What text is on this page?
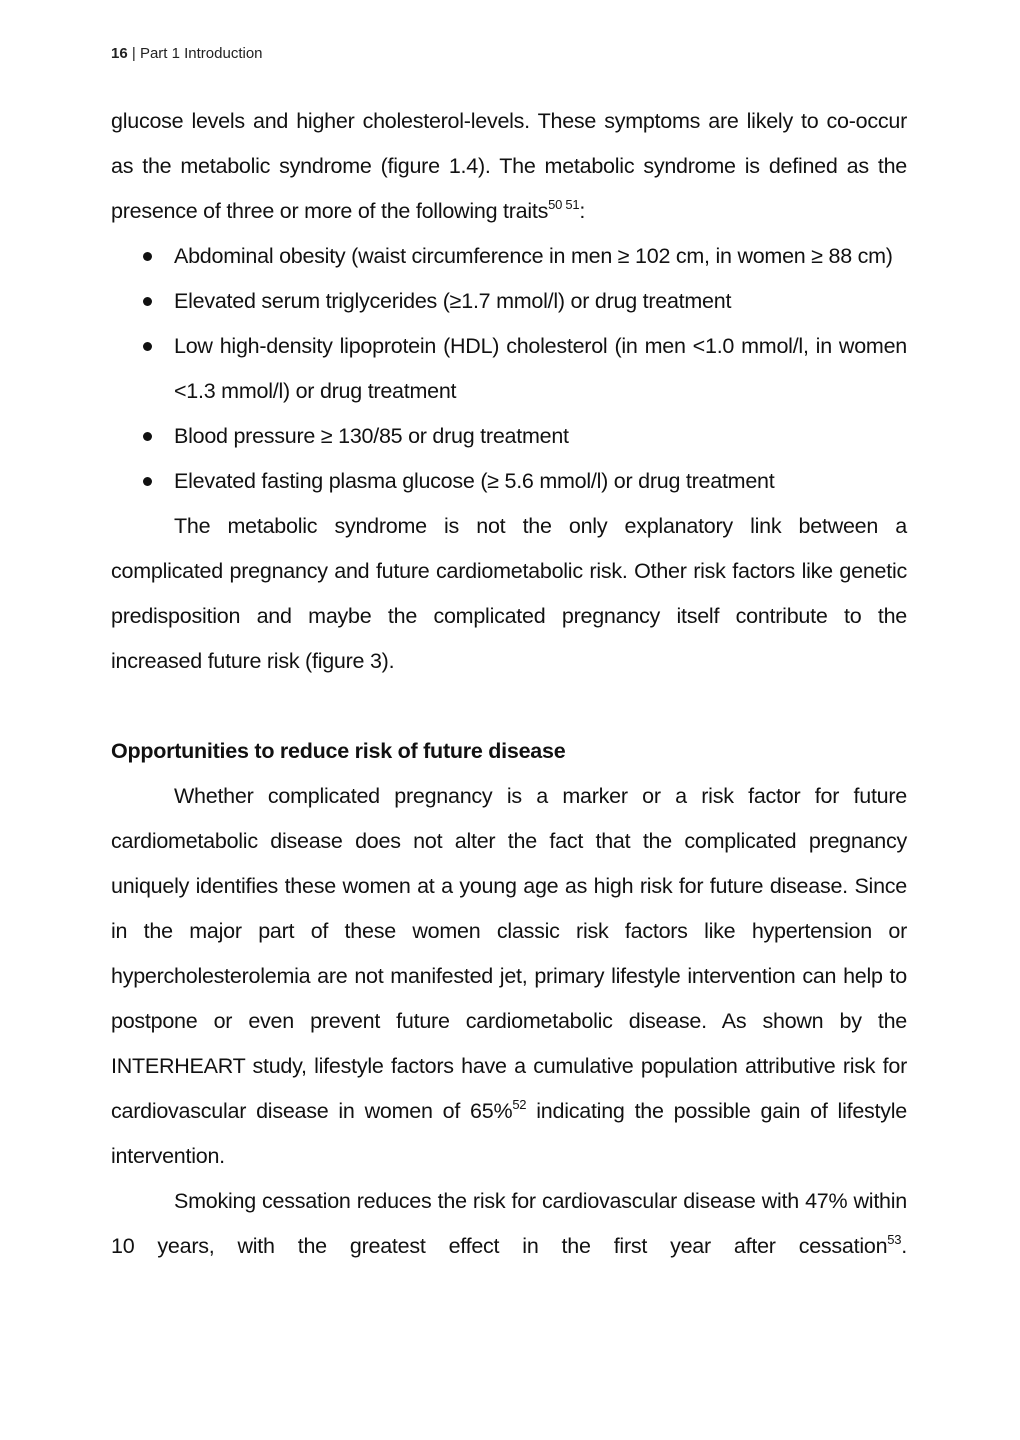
16 | Part 1 Introduction

glucose levels and higher cholesterol-levels. These symptoms are likely to co-occur as the metabolic syndrome (figure 1.4). The metabolic syndrome is defined as the presence of three or more of the following traits$^{50 51}$:

Abdominal obesity (waist circumference in men ≥ 102 cm, in women ≥ 88 cm)
Elevated serum triglycerides (≥1.7 mmol/l) or drug treatment
Low high-density lipoprotein (HDL) cholesterol (in men <1.0 mmol/l, in women <1.3 mmol/l) or drug treatment
Blood pressure ≥ 130/85 or drug treatment
Elevated fasting plasma glucose (≥ 5.6 mmol/l) or drug treatment

The metabolic syndrome is not the only explanatory link between a complicated pregnancy and future cardiometabolic risk. Other risk factors like genetic predisposition and maybe the complicated pregnancy itself contribute to the increased future risk (figure 3).

Opportunities to reduce risk of future disease

Whether complicated pregnancy is a marker or a risk factor for future cardiometabolic disease does not alter the fact that the complicated pregnancy uniquely identifies these women at a young age as high risk for future disease. Since in the major part of these women classic risk factors like hypertension or hypercholesterolemia are not manifested jet, primary lifestyle intervention can help to postpone or even prevent future cardiometabolic disease. As shown by the INTERHEART study, lifestyle factors have a cumulative population attributive risk for cardiovascular disease in women of 65%$^{52}$ indicating the possible gain of lifestyle intervention.

Smoking cessation reduces the risk for cardiovascular disease with 47% within 10 years, with the greatest effect in the first year after cessation$^{53}$.
